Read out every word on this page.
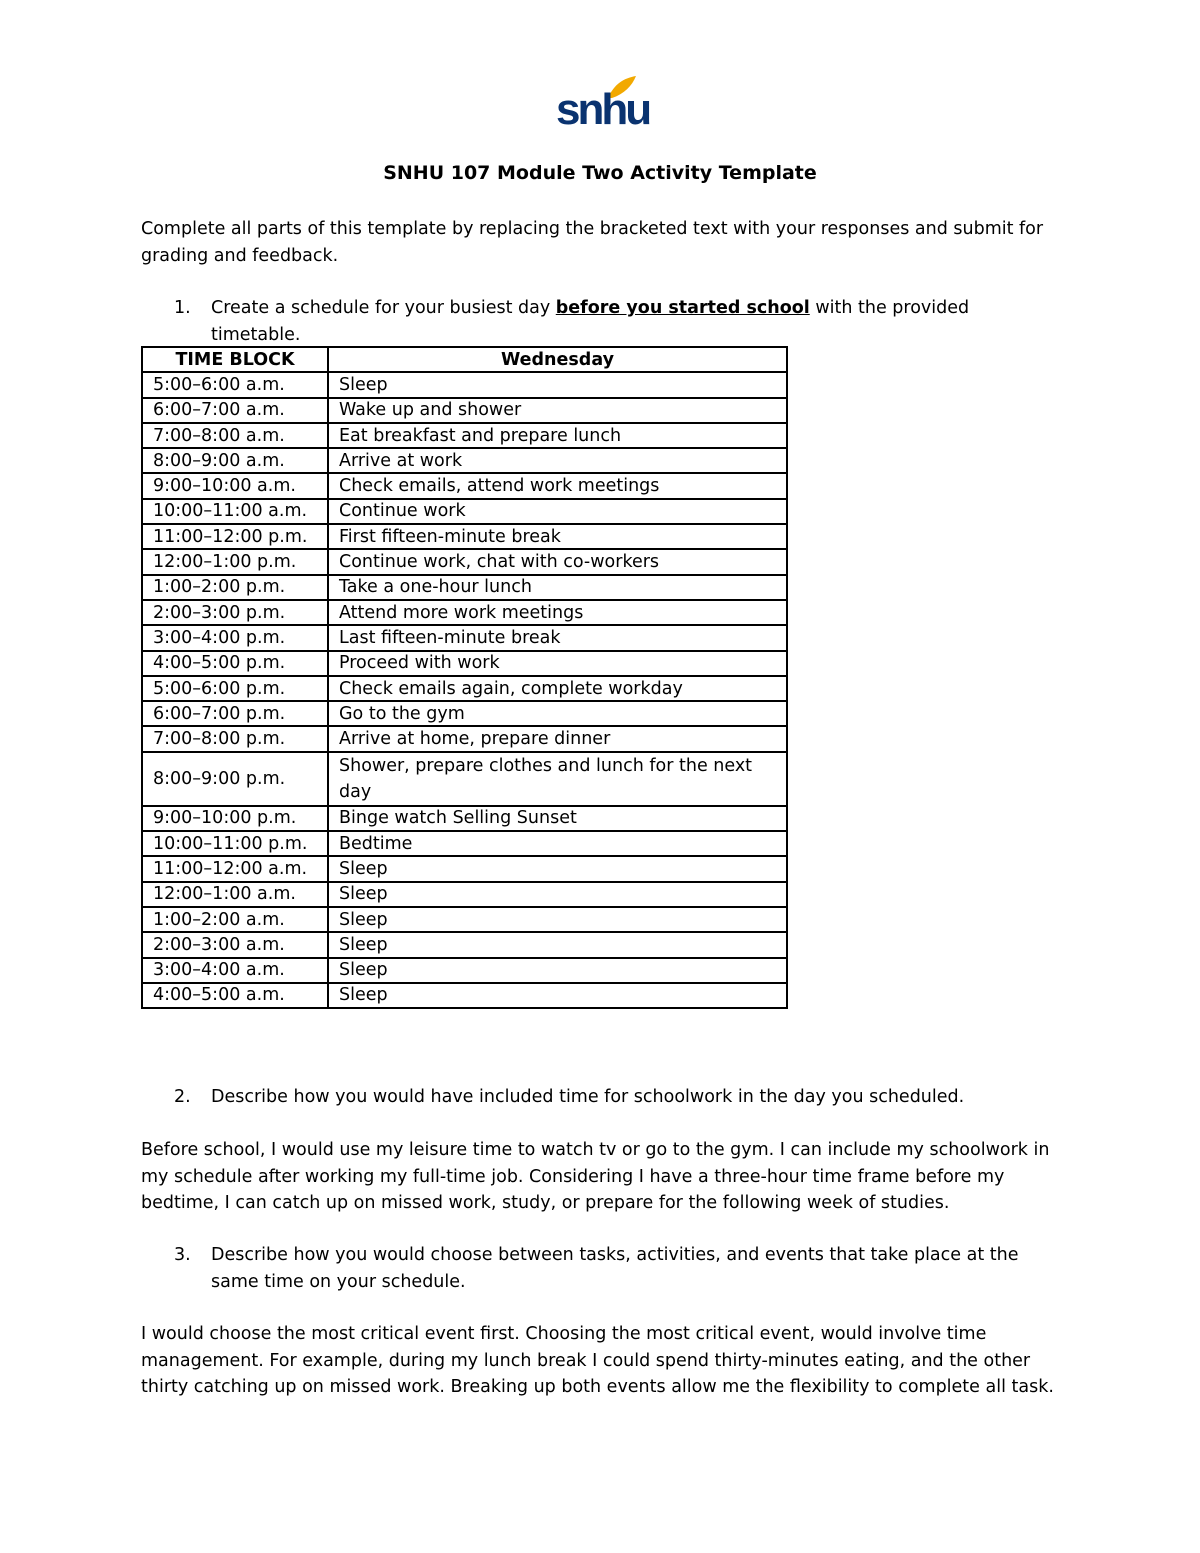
snhu
SNHU 107 Module Two Activity Template
Complete all parts of this template by replacing the bracketed text with your responses and submit for grading and feedback.
1. Create a schedule for your busiest day before you started school with the provided timetable.
TIME BLOCK	Wednesday
5:00–6:00 a.m.	Sleep
6:00–7:00 a.m.	Wake up and shower
7:00–8:00 a.m.	Eat breakfast and prepare lunch
8:00–9:00 a.m.	Arrive at work
9:00–10:00 a.m.	Check emails, attend work meetings
10:00–11:00 a.m.	Continue work
11:00–12:00 p.m.	First fifteen-minute break
12:00–1:00 p.m.	Continue work, chat with co-workers
1:00–2:00 p.m.	Take a one-hour lunch
2:00–3:00 p.m.	Attend more work meetings
3:00–4:00 p.m.	Last fifteen-minute break
4:00–5:00 p.m.	Proceed with work
5:00–6:00 p.m.	Check emails again, complete workday
6:00–7:00 p.m.	Go to the gym
7:00–8:00 p.m.	Arrive at home, prepare dinner
8:00–9:00 p.m.	Shower, prepare clothes and lunch for the next day
9:00–10:00 p.m.	Binge watch Selling Sunset
10:00–11:00 p.m.	Bedtime
11:00–12:00 a.m.	Sleep
12:00–1:00 a.m.	Sleep
1:00–2:00 a.m.	Sleep
2:00–3:00 a.m.	Sleep
3:00–4:00 a.m.	Sleep
4:00–5:00 a.m.	Sleep
2. Describe how you would have included time for schoolwork in the day you scheduled.
Before school, I would use my leisure time to watch tv or go to the gym. I can include my schoolwork in my schedule after working my full-time job. Considering I have a three-hour time frame before my bedtime, I can catch up on missed work, study, or prepare for the following week of studies.
3. Describe how you would choose between tasks, activities, and events that take place at the same time on your schedule.
I would choose the most critical event first. Choosing the most critical event, would involve time management. For example, during my lunch break I could spend thirty-minutes eating, and the other thirty catching up on missed work. Breaking up both events allow me the flexibility to complete all task.
